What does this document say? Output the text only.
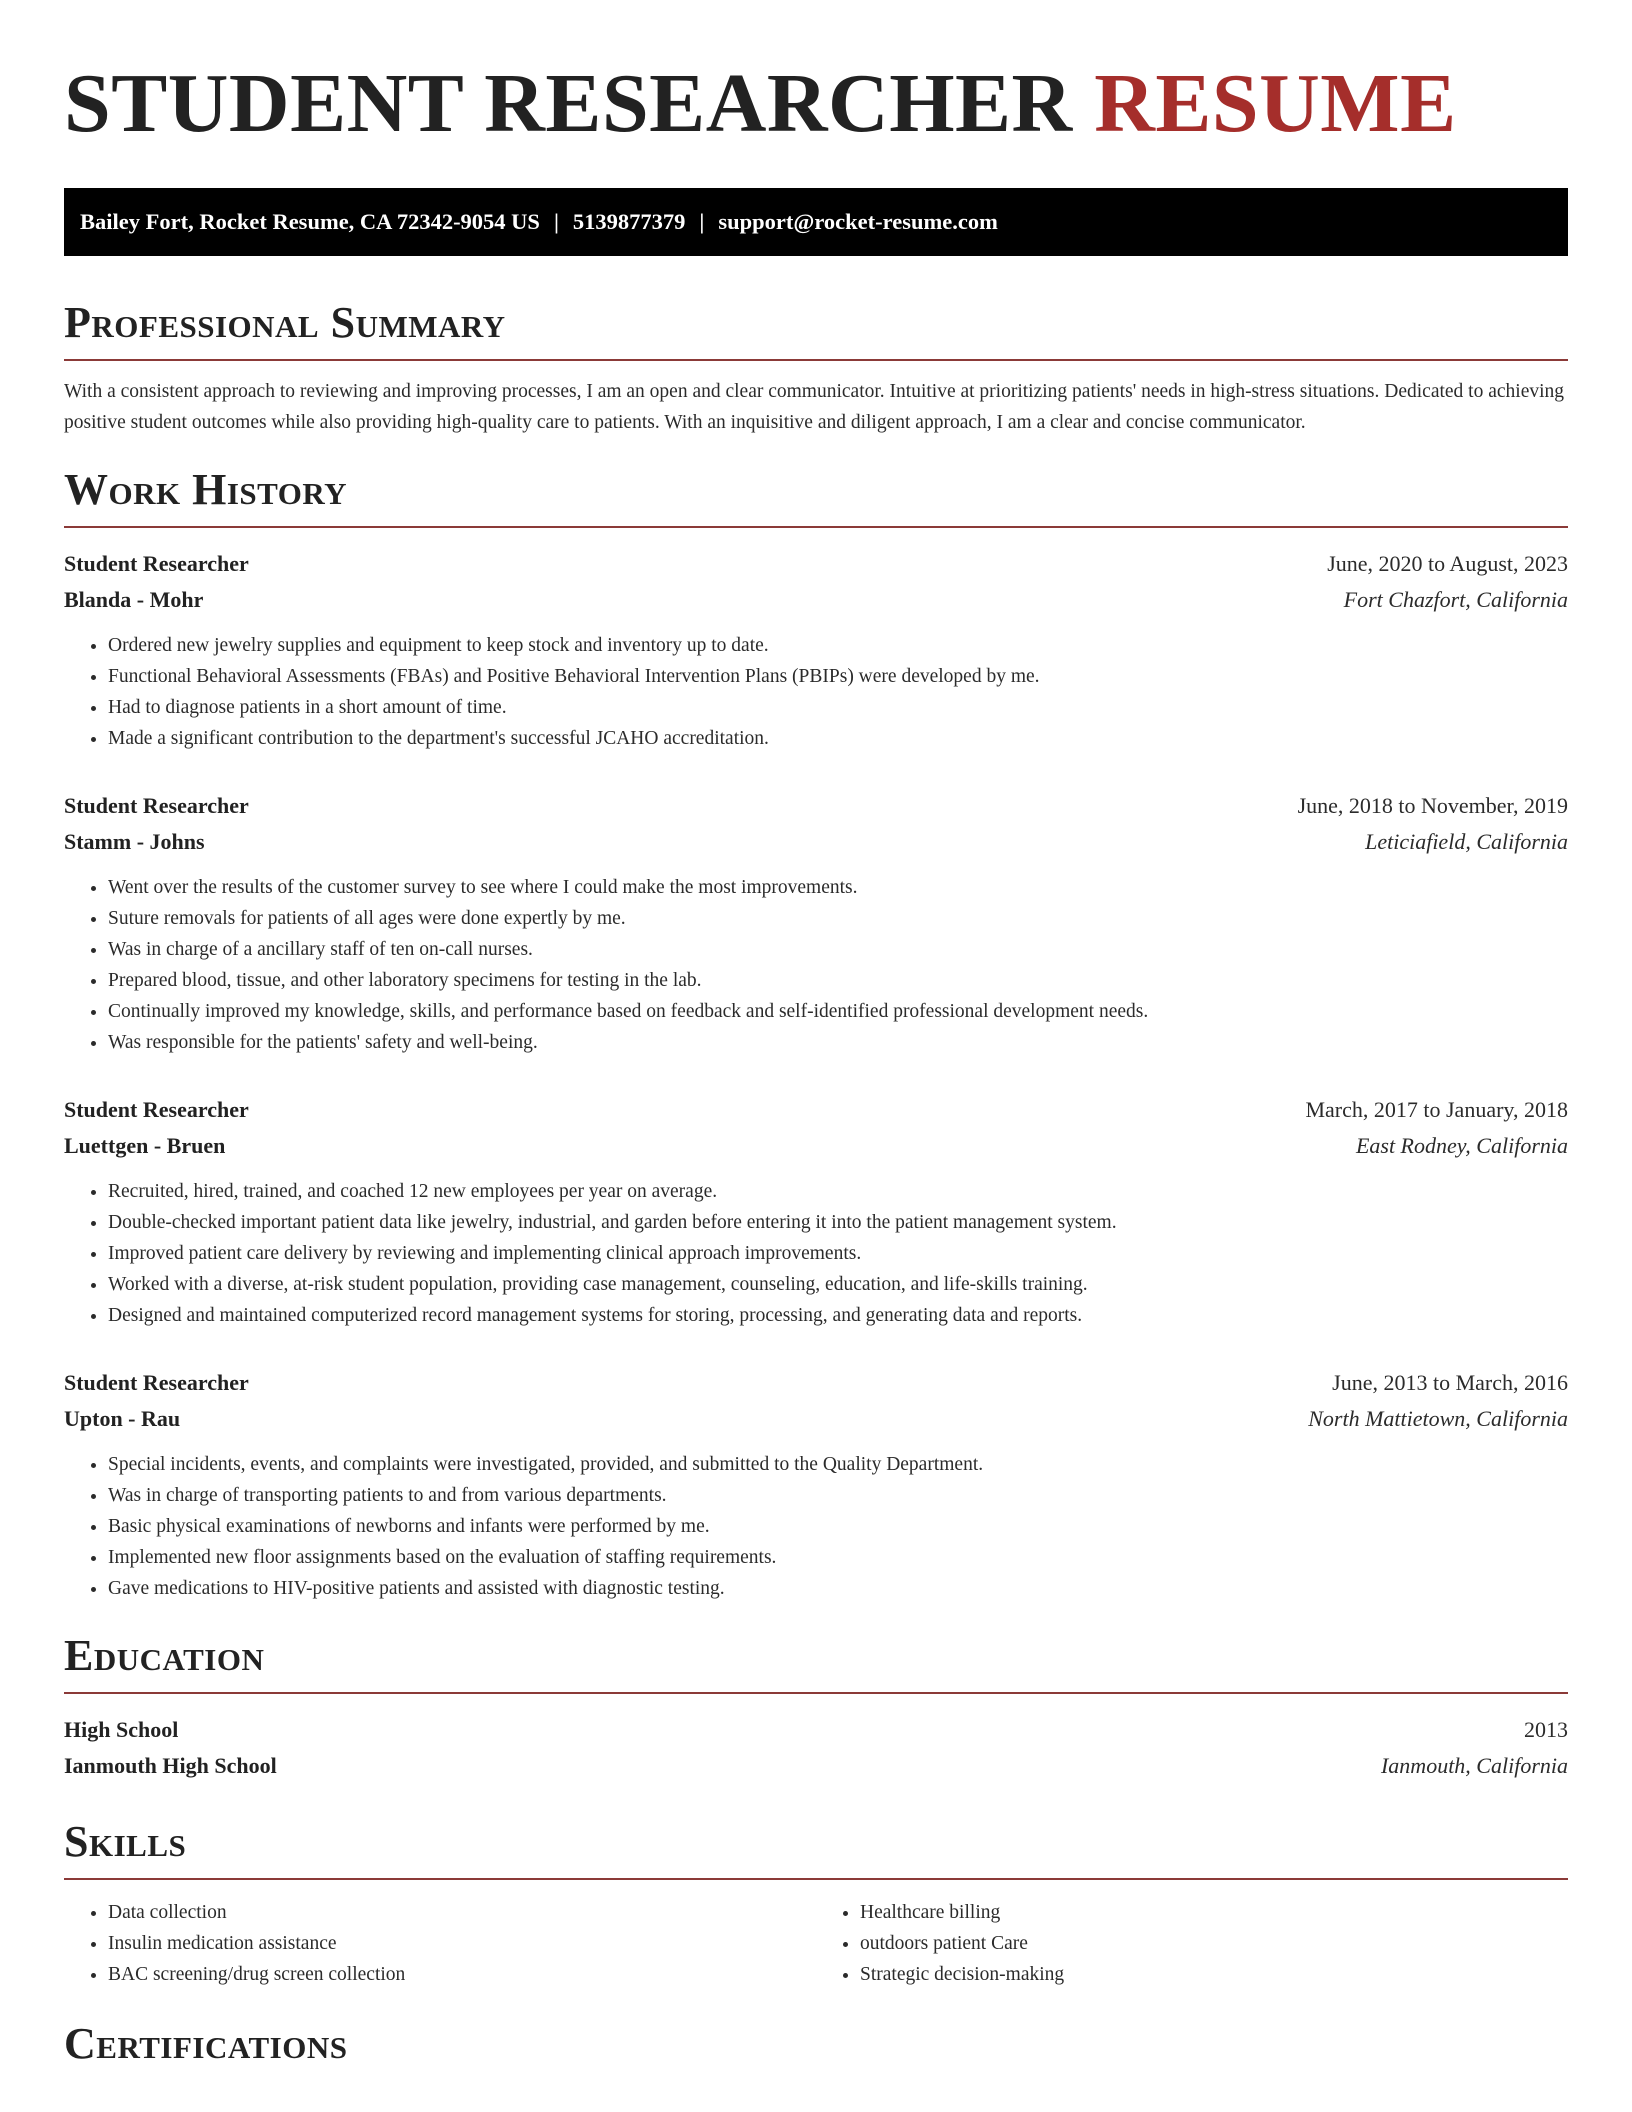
STUDENT RESEARCHER RESUME
Bailey Fort, Rocket Resume, CA 72342-9054 US | 5139877379 | support@rocket-resume.com
Professional Summary

With a consistent approach to reviewing and improving processes, I am an open and clear communicator. Intuitive at prioritizing patients' needs in high-stress situations. Dedicated to achieving positive student outcomes while also providing high-quality care to patients. With an inquisitive and diligent approach, I am a clear and concise communicator.

Work History
Student Researcher	June, 2020 to August, 2023
Blanda - Mohr	Fort Chazfort, California
• Ordered new jewelry supplies and equipment to keep stock and inventory up to date.
• Functional Behavioral Assessments (FBAs) and Positive Behavioral Intervention Plans (PBIPs) were developed by me.
• Had to diagnose patients in a short amount of time.
• Made a significant contribution to the department's successful JCAHO accreditation.
Student Researcher	June, 2018 to November, 2019
Stamm - Johns	Leticiafield, California
• Went over the results of the customer survey to see where I could make the most improvements.
• Suture removals for patients of all ages were done expertly by me.
• Was in charge of a ancillary staff of ten on-call nurses.
• Prepared blood, tissue, and other laboratory specimens for testing in the lab.
• Continually improved my knowledge, skills, and performance based on feedback and self-identified professional development needs.
• Was responsible for the patients' safety and well-being.
Student Researcher	March, 2017 to January, 2018
Luettgen - Bruen	East Rodney, California
• Recruited, hired, trained, and coached 12 new employees per year on average.
• Double-checked important patient data like jewelry, industrial, and garden before entering it into the patient management system.
• Improved patient care delivery by reviewing and implementing clinical approach improvements.
• Worked with a diverse, at-risk student population, providing case management, counseling, education, and life-skills training.
• Designed and maintained computerized record management systems for storing, processing, and generating data and reports.
Student Researcher	June, 2013 to March, 2016
Upton - Rau	North Mattietown, California
• Special incidents, events, and complaints were investigated, provided, and submitted to the Quality Department.
• Was in charge of transporting patients to and from various departments.
• Basic physical examinations of newborns and infants were performed by me.
• Implemented new floor assignments based on the evaluation of staffing requirements.
• Gave medications to HIV-positive patients and assisted with diagnostic testing.
Education
High School	2013
Ianmouth High School	Ianmouth, California
Skills
• Data collection
• Insulin medication assistance
• BAC screening/drug screen collection
• Healthcare billing
• outdoors patient Care
• Strategic decision-making
Certifications
